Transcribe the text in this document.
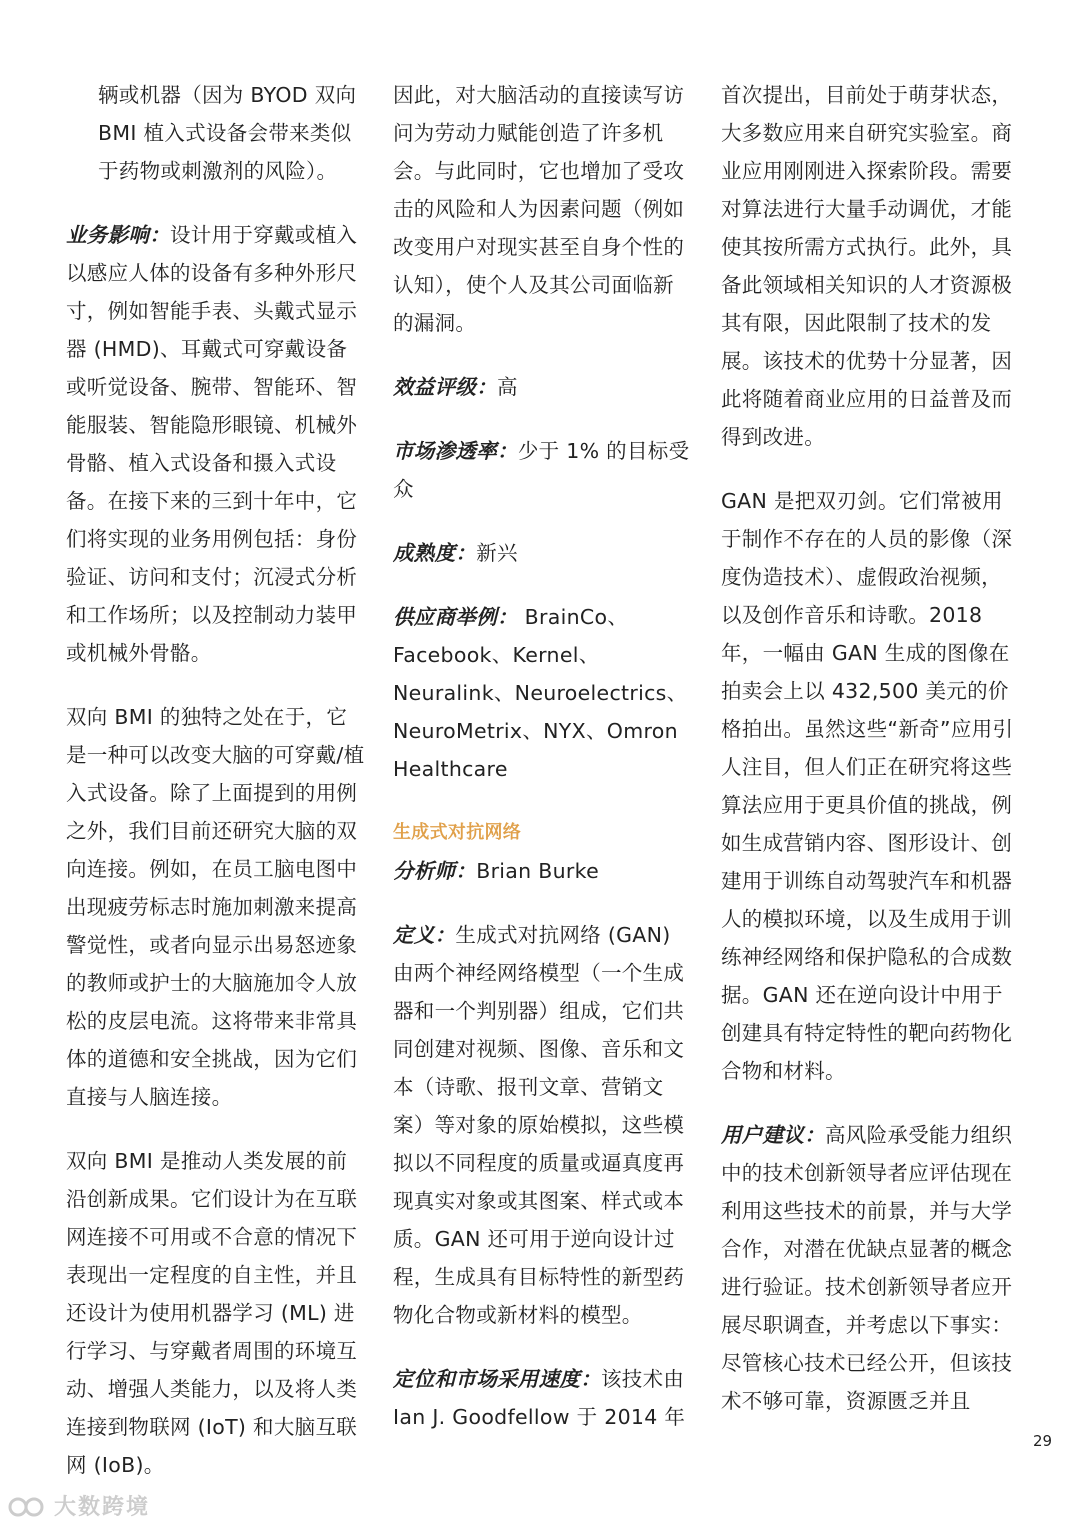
辆或机器（因为 BYOD 双向 BMI 植入式设备会带来类似于药物或刺激剂的风险）。

业务影响：设计用于穿戴或植入以感应人体的设备有多种外形尺寸，例如智能手表、头戴式显示器 (HMD)、耳戴式可穿戴设备或听觉设备、腕带、智能环、智能服装、智能隐形眼镜、机械外骨骼、植入式设备和摄入式设备。在接下来的三到十年中，它们将实现的业务用例包括：身份验证、访问和支付；沉浸式分析和工作场所；以及控制动力装甲或机械外骨骼。

双向 BMI 的独特之处在于，它是一种可以改变大脑的可穿戴/植入式设备。除了上面提到的用例之外，我们目前还研究大脑的双向连接。例如，在员工脑电图中出现疲劳标志时施加刺激来提高警觉性，或者向显示出易怒迹象的教师或护士的大脑施加令人放松的皮层电流。这将带来非常具体的道德和安全挑战，因为它们直接与人脑连接。

双向 BMI 是推动人类发展的前沿创新成果。它们设计为在互联网连接不可用或不合意的情况下表现出一定程度的自主性，并且还设计为使用机器学习 (ML) 进行学习、与穿戴者周围的环境互动、增强人类能力，以及将人类连接到物联网 (IoT) 和大脑互联网 (IoB)。

因此，对大脑活动的直接读写访问为劳动力赋能创造了许多机会。与此同时，它也增加了受攻击的风险和人为因素问题（例如改变用户对现实甚至自身个性的认知），使个人及其公司面临新的漏洞。

效益评级：高

市场渗透率：少于 1% 的目标受众

成熟度：新兴

供应商举例： BrainCo、Facebook、Kernel、Neuralink、Neuroelectrics、NeuroMetrix、NYX、Omron Healthcare

生成式对抗网络

分析师：Brian Burke

定义：生成式对抗网络 (GAN) 由两个神经网络模型（一个生成器和一个判别器）组成，它们共同创建对视频、图像、音乐和文本（诗歌、报刊文章、营销文案）等对象的原始模拟，这些模拟以不同程度的质量或逼真度再现真实对象或其图案、样式或本质。GAN 还可用于逆向设计过程，生成具有目标特性的新型药物化合物或新材料的模型。

定位和市场采用速度：该技术由 Ian J. Goodfellow 于 2014 年

首次提出，目前处于萌芽状态，大多数应用来自研究实验室。商业应用刚刚进入探索阶段。需要对算法进行大量手动调优，才能使其按所需方式执行。此外，具备此领域相关知识的人才资源极其有限，因此限制了技术的发展。该技术的优势十分显著，因此将随着商业应用的日益普及而得到改进。

GAN 是把双刃剑。它们常被用于制作不存在的人员的影像（深度伪造技术）、虚假政治视频，以及创作音乐和诗歌。2018 年，一幅由 GAN 生成的图像在拍卖会上以 432,500 美元的价格拍出。虽然这些“新奇”应用引人注目，但人们正在研究将这些算法应用于更具价值的挑战，例如生成营销内容、图形设计、创建用于训练自动驾驶汽车和机器人的模拟环境，以及生成用于训练神经网络和保护隐私的合成数据。GAN 还在逆向设计中用于创建具有特定特性的靶向药物化合物和材料。

用户建议：高风险承受能力组织中的技术创新领导者应评估现在利用这些技术的前景，并与大学合作，对潜在优缺点显著的概念进行验证。技术创新领导者应开展尽职调查，并考虑以下事实：尽管核心技术已经公开，但该技术不够可靠，资源匮乏并且

29
大数跨境
